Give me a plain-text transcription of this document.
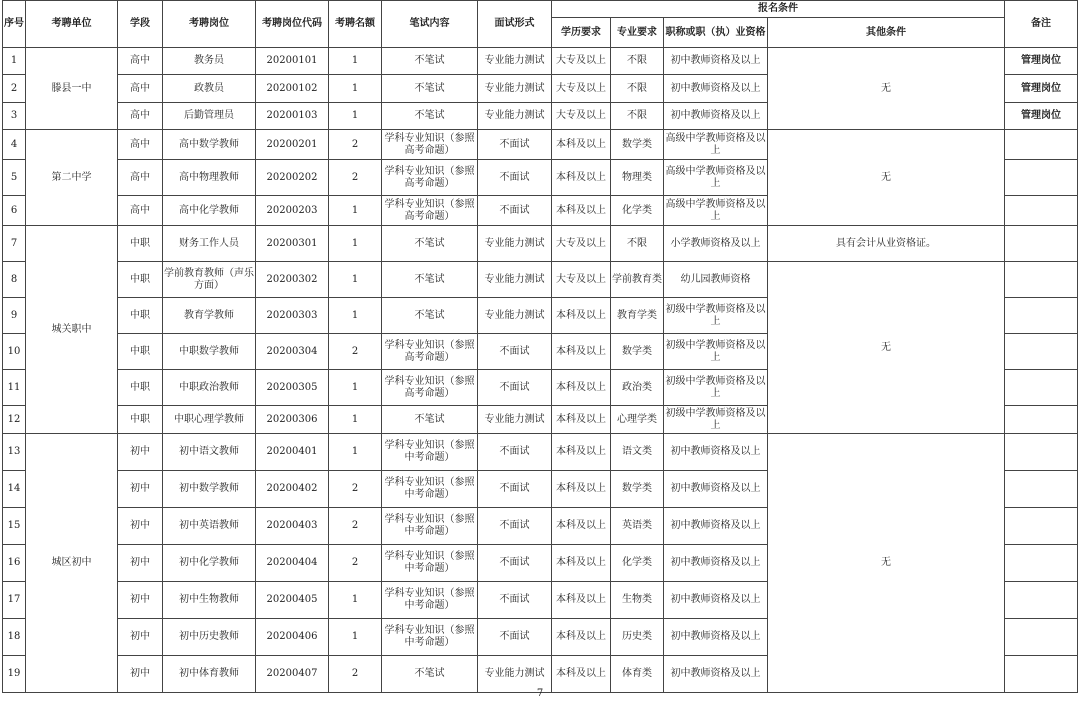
序号	考聘单位	学段	考聘岗位	考聘岗位代码	考聘名额	笔试内容	面试形式	报名条件				备注
								学历要求	专业要求	职称或职（执）业资格	其他条件	
1	滕县一中	高中	教务员	20200101	1	不笔试	专业能力测试	大专及以上	不限	初中教师资格及以上	无	管理岗位
2		高中	政教员	20200102	1	不笔试	专业能力测试	大专及以上	不限	初中教师资格及以上		管理岗位
3		高中	后勤管理员	20200103	1	不笔试	专业能力测试	大专及以上	不限	初中教师资格及以上		管理岗位
4	第二中学	高中	高中数学教师	20200201	2	学科专业知识（参照高考命题）	不面试	本科及以上	数学类	高级中学教师资格及以上	无	
5		高中	高中物理教师	20200202	2	学科专业知识（参照高考命题）	不面试	本科及以上	物理类	高级中学教师资格及以上		
6		高中	高中化学教师	20200203	1	学科专业知识（参照高考命题）	不面试	本科及以上	化学类	高级中学教师资格及以上		
7	城关职中	中职	财务工作人员	20200301	1	不笔试	专业能力测试	大专及以上	不限	小学教师资格及以上	具有会计从业资格证。	
8		中职	学前教育教师（声乐方面）	20200302	1	不笔试	专业能力测试	大专及以上	学前教育类	幼儿园教师资格	无	
9		中职	教育学教师	20200303	1	不笔试	专业能力测试	本科及以上	教育学类	初级中学教师资格及以上		
10		中职	中职数学教师	20200304	2	学科专业知识（参照高考命题）	不面试	本科及以上	数学类	初级中学教师资格及以上		
11		中职	中职政治教师	20200305	1	学科专业知识（参照高考命题）	不面试	本科及以上	政治类	初级中学教师资格及以上		
12		中职	中职心理学教师	20200306	1	不笔试	专业能力测试	本科及以上	心理学类	初级中学教师资格及以上		
13	城区初中	初中	初中语文教师	20200401	1	学科专业知识（参照中考命题）	不面试	本科及以上	语文类	初中教师资格及以上	无	
14		初中	初中数学教师	20200402	2	学科专业知识（参照中考命题）	不面试	本科及以上	数学类	初中教师资格及以上		
15		初中	初中英语教师	20200403	2	学科专业知识（参照中考命题）	不面试	本科及以上	英语类	初中教师资格及以上		
16		初中	初中化学教师	20200404	2	学科专业知识（参照中考命题）	不面试	本科及以上	化学类	初中教师资格及以上		
17		初中	初中生物教师	20200405	1	学科专业知识（参照中考命题）	不面试	本科及以上	生物类	初中教师资格及以上		
18		初中	初中历史教师	20200406	1	学科专业知识（参照中考命题）	不面试	本科及以上	历史类	初中教师资格及以上		
19		初中	初中体育教师	20200407	2	不笔试	专业能力测试	本科及以上	体育类	初中教师资格及以上		
7
